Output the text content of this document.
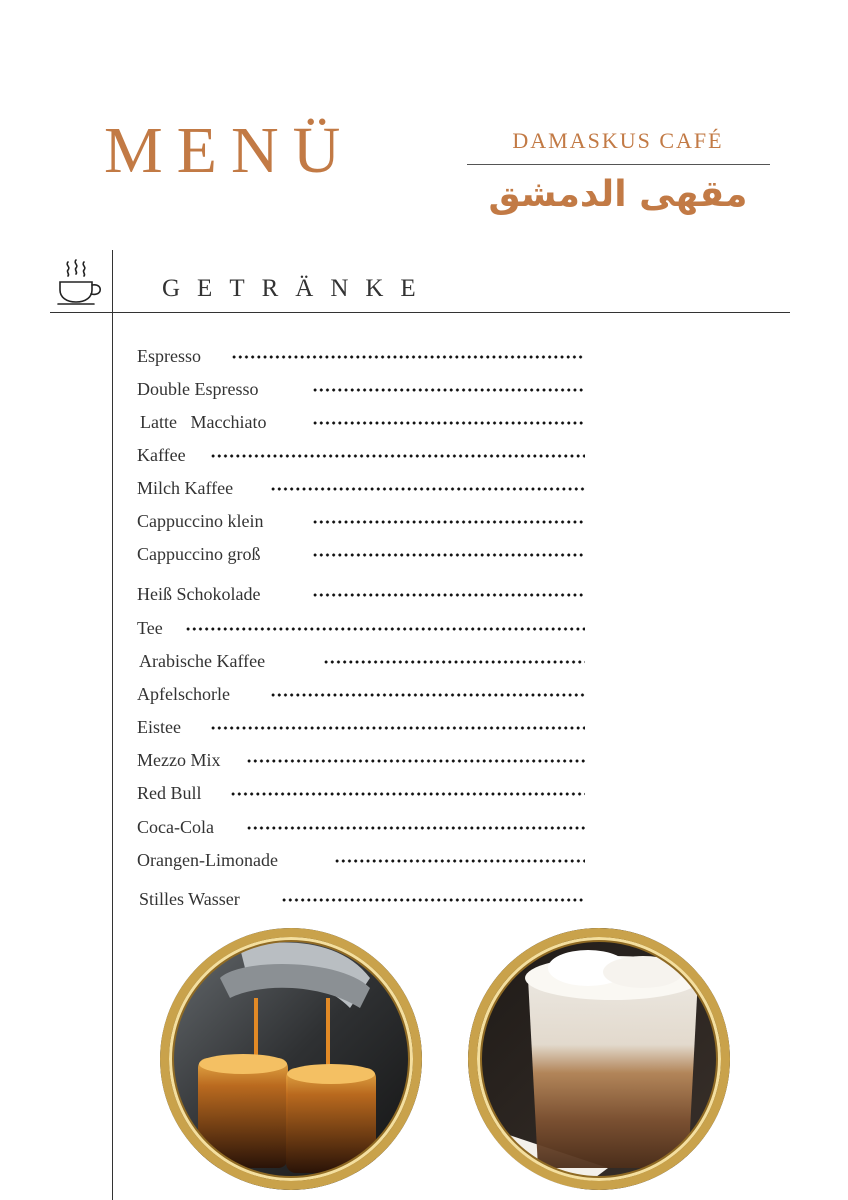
MENÜ	DAMASKUS CAFÉ
مقهى الدمشق
GETRÄNKE
Espresso
Double Espresso
Latte   Macchiato
Kaffee
Milch Kaffee
Cappuccino klein
Cappuccino groß
Heiß Schokolade
Tee
Arabische Kaffee
Apfelschorle
Eistee
Mezzo Mix
Red Bull
Coca-Cola
Orangen-Limonade
Stilles Wasser
